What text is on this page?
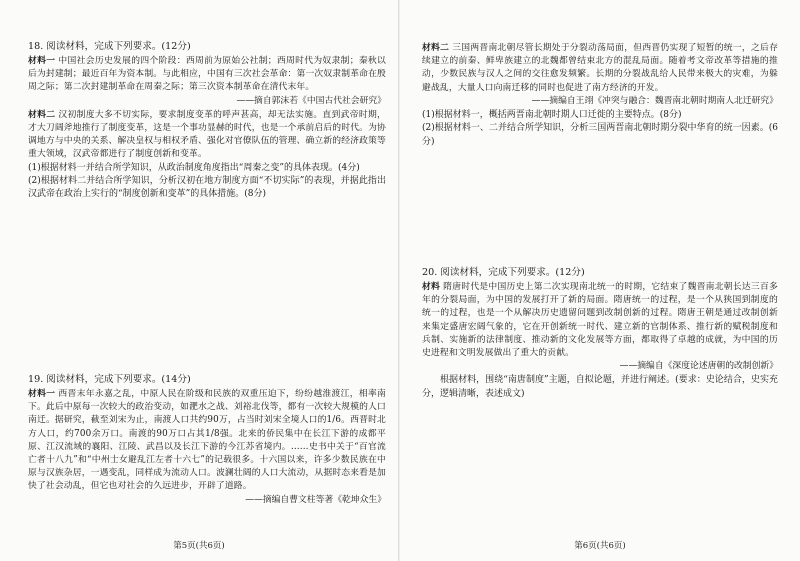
18. 阅读材料，完成下列要求。(12分)

材料一 中国社会历史发展的四个阶段：西周前为原始公社制；西周时代为奴隶制；秦秋以后为封建制；最近百年为资本制。与此相应，中国有三次社会革命：第一次奴隶制革命在殷周之际；第二次封建制革命在周秦之际；第三次资本制革命在清代末年。

——摘自郭沫若《中国古代社会研究》

材料二 汉初制度大多不切实际，要求制度变革的呼声甚高，却无法实施。直到武帝时期，才大刀阔斧地推行了制度变革，这是一个事功显赫的时代，也是一个承前启后的时代。为协调地方与中央的关系、解决皇权与相权矛盾、强化对官僚队伍的管理、确立新的经济政策等重大领域，汉武帝都进行了制度创新和变革。

(1)根据材料一并结合所学知识，从政治制度角度指出“周秦之变”的具体表现。(4分)

(2)根据材料二并结合所学知识，分析汉初在地方制度方面“不切实际”的表现，并据此指出汉武帝在政治上实行的“制度创新和变革”的具体措施。(8分)

19. 阅读材料，完成下列要求。(14分)

材料一 西晋末年永嘉之乱，中原人民在阶级和民族的双重压迫下，纷纷越淮渡江，相率南下。此后中原每一次较大的政治变动，如淝水之战、刘裕北伐等，都有一次较大规模的人口南迁。据研究，截至刘宋为止，南渡人口共约90万，占当时刘宋全境人口的1/6。西晋时北方人口，约700余万口。南渡的90万口占其1/8强。北来的侨民集中在长江下游的成都平原、江汉流域的襄阳、江陵、武昌以及长江下游的今江苏省境内。……史书中关于“百官流亡者十八九”和“中州士女避乱江左者十六七”的记载很多。十六国以来，许多少数民族在中原与汉族杂居，一遇变乱，同样成为流动人口。波澜壮阔的人口大流动，从据时态来看是加快了社会动乱，但它也对社会的久远进步，开辟了道路。

——摘编自曹文柱等著《乾坤众生》

第5页(共6页)

材料二 三国两晋南北朝尽管长期处于分裂动荡局面，但西晋仍实现了短暂的统一，之后存续建立的前秦、鲜卑族建立的北魏都曾结束北方的混乱局面。随着考文帝改革等措施的推动，少数民族与汉人之间的交往愈发频繁。长期的分裂战乱给人民带来极大的灾难，为躲避战乱，大量人口向南迁移的同时也促进了南方经济的开发。

——摘编自王翊《冲突与融合：魏晋南北朝时期南人北迁研究》

(1)根据材料一，概括两晋南北朝时期人口迁徙的主要特点。(8分)

(2)根据材料一、二并结合所学知识，分析三国两晋南北朝时期分裂中华育的统一因素。(6分)

20. 阅读材料，完成下列要求。(12分)

材料 隋唐时代是中国历史上第二次实现南北统一的时期，它结束了魏晋南北朝长达三百多年的分裂局面，为中国的发展打开了新的局面。隋唐统一的过程，是一个从狭国到制度的统一的过程，也是一个从解决历史遗留问题到改制创新的过程。隋唐王朝是通过改制创新来集定盛唐宏阔气象的，它在开创新统一时代、建立新的官制体系、推行新的赋税制度和兵制、实施新的法律制度、推动新的文化发展等方面，都取得了卓越的成就，为中国的历史进程和文明发展做出了重大的贡献。

——摘编自《深度论述唐朝的改制创新》

根据材料，围绕“南唐制度”主题，自拟论题，并进行阐述。(要求：史论结合，史实充分，逻辑清晰，表述成文)

第6页(共6页)
